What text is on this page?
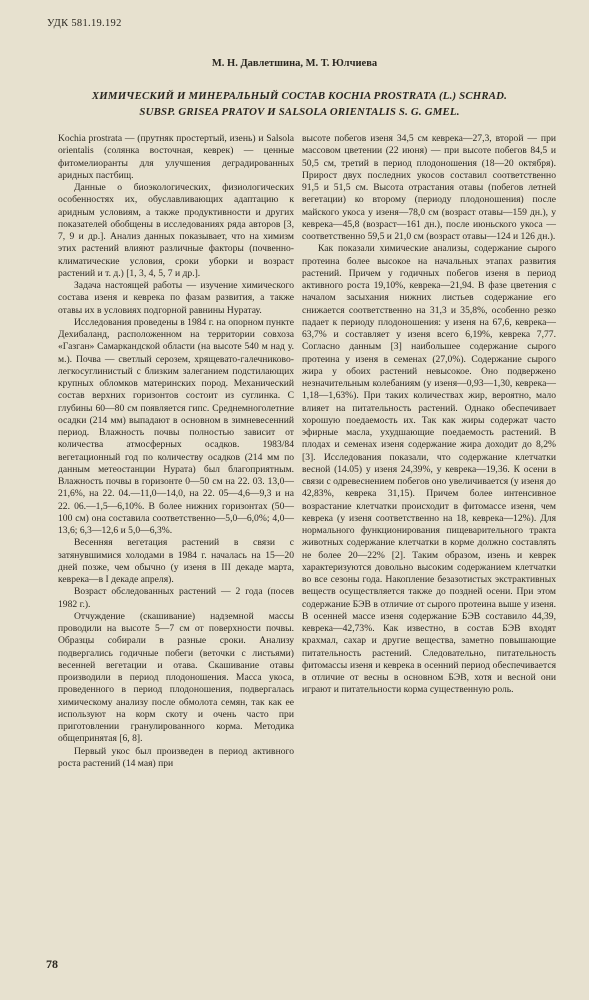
УДК 581.19.192
М. Н. Давлетшина, М. Т. Юлчиева
ХИМИЧЕСКИЙ И МИНЕРАЛЬНЫЙ СОСТАВ KOCHIA PROSTRATA (L.) SCHRAD.
SUBSP. GRISEA PRATOV И SALSOLA ORIENTALIS S. G. GMEL.

Kochia prostrata — (прутняк простертый, изень) и Salsola orientalis (солянка восточная, кеврек) — ценные фитомелиоранты для улучшения деградированных аридных пастбищ.

Данные о биоэкологических, физиологических особенностях их, обуславливающих адаптацию к аридным условиям, а также продуктивности и других показателей обобщены в исследованиях ряда авторов [3, 7, 9 и др.]. Анализ данных показывает, что на химизм этих растений влияют различные факторы (почвенно-климатические условия, сроки уборки и возраст растений и т. д.) [1, 3, 4, 5, 7 и др.].

Задача настоящей работы — изучение химического состава изеня и кеврека по фазам развития, а также отавы их в условиях подгорной равнины Нуратау.

Исследования проведены в 1984 г. на опорном пункте Дехибаланд, расположенном на территории совхоза «Газган» Самаркандской области (на высоте 540 м над у. м.). Почва — светлый серозем, хрящевато-галечниково-легкосуглинистый с близким залеганием подстилающих крупных обломков материнских пород. Механический состав верхних горизонтов состоит из суглинка. С глубины 60—80 см появляется гипс. Среднемноголетние осадки (214 мм) выпадают в основном в зимневесенний период. Влажность почвы полностью зависит от количества атмосферных осадков. 1983/84 вегетационный год по количеству осадков (214 мм по данным метеостанции Нурата) был благоприятным. Влажность почвы в горизонте 0—50 см на 22. 03. 13,0—21,6%, на 22. 04.—11,0—14,0, на 22. 05—4,6—9,3 и на 22. 06.—1,5—6,10%. В более нижних горизонтах (50—100 см) она составила соответственно—5,0—6,0%; 4,0—13,6; 6,3—12,6 и 5,0—6,3%.

Весенняя вегетация растений в связи с затянувшимися холодами в 1984 г. началась на 15—20 дней позже, чем обычно (у изеня в III декаде марта, кеврека—в I декаде апреля).

Возраст обследованных растений — 2 года (посев 1982 г.).

Отчуждение (скашивание) надземной массы проводили на высоте 5—7 см от поверхности почвы. Образцы собирали в разные сроки. Анализу подвергались годичные побеги (веточки с листьями) весенней вегетации и отава. Скашивание отавы производили в период плодоношения. Масса укоса, проведенного в период плодоношения, подвергалась химическому анализу после обмолота семян, так как ее используют на корм скоту и очень часто при приготовлении гранулированного корма. Методика общепринятая [6, 8].

Первый укос был произведен в период активного роста растений (14 мая) при

высоте побегов изеня 34,5 см кеврека—27,3, второй — при массовом цветении (22 июня) — при высоте побегов 84,5 и 50,5 см, третий в период плодоношения (18—20 октября). Прирост двух последних укосов составил соответственно 91,5 и 51,5 см. Высота отрастания отавы (побегов летней вегетации) ко второму (периоду плодоношения) после майского укоса у изеня—78,0 см (возраст отавы—159 дн.), у кеврека—45,8 (возраст—161 дн.), после июньского укоса — соответственно 59,5 и 21,0 см (возраст отавы—124 и 126 дн.).

Как показали химические анализы, содержание сырого протеина более высокое на начальных этапах развития растений. Причем у годичных побегов изеня в период активного роста 19,10%, кеврека—21,94. В фазе цветения с началом засыхания нижних листьев содержание его снижается соответственно на 31,3 и 35,8%, особенно резко падает к периоду плодоношения: у изеня на 67,6, кеврека—63,7% и составляет у изеня всего 6,19%, кеврека 7,77. Согласно данным [3] наибольшее содержание сырого протеина у изеня в семенах (27,0%). Содержание сырого жира у обоих растений невысокое. Оно подвержено незначительным колебаниям (у изеня—0,93—1,30, кеврека—1,18—1,63%). При таких количествах жир, вероятно, мало влияет на питательность растений. Однако обеспечивает хорошую поедаемость их. Так как жиры содержат часто эфирные масла, ухудшающие поедаемость растений. В плодах и семенах изеня содержание жира доходит до 8,2% [3]. Исследования показали, что содержание клетчатки весной (14.05) у изеня 24,39%, у кеврека—19,36. К осени в связи с одревеснением побегов оно увеличивается (у изеня до 42,83%, кеврека 31,15). Причем более интенсивное возрастание клетчатки происходит в фитомассе изеня, чем кеврека (у изеня соответственно на 18, кеврека—12%). Для нормального функционирования пищеварительного тракта животных содержание клетчатки в корме должно составлять не более 20—22% [2]. Таким образом, изень и кеврек характеризуются довольно высоким содержанием клетчатки во все сезоны года. Накопление безазотистых экстрактивных веществ осуществляется также до поздней осени. При этом содержание БЭВ в отличие от сырого протеина выше у изеня. В осенней массе изеня содержание БЭВ составило 44,39, кеврека—42,73%. Как известно, в состав БЭВ входят крахмал, сахар и другие вещества, заметно повышающие питательность растений. Следовательно, питательность фитомассы изеня и кеврека в осенний период обеспечивается в отличие от весны в основном БЭВ, хотя и весной они играют и питательности корма существенную роль.

78
